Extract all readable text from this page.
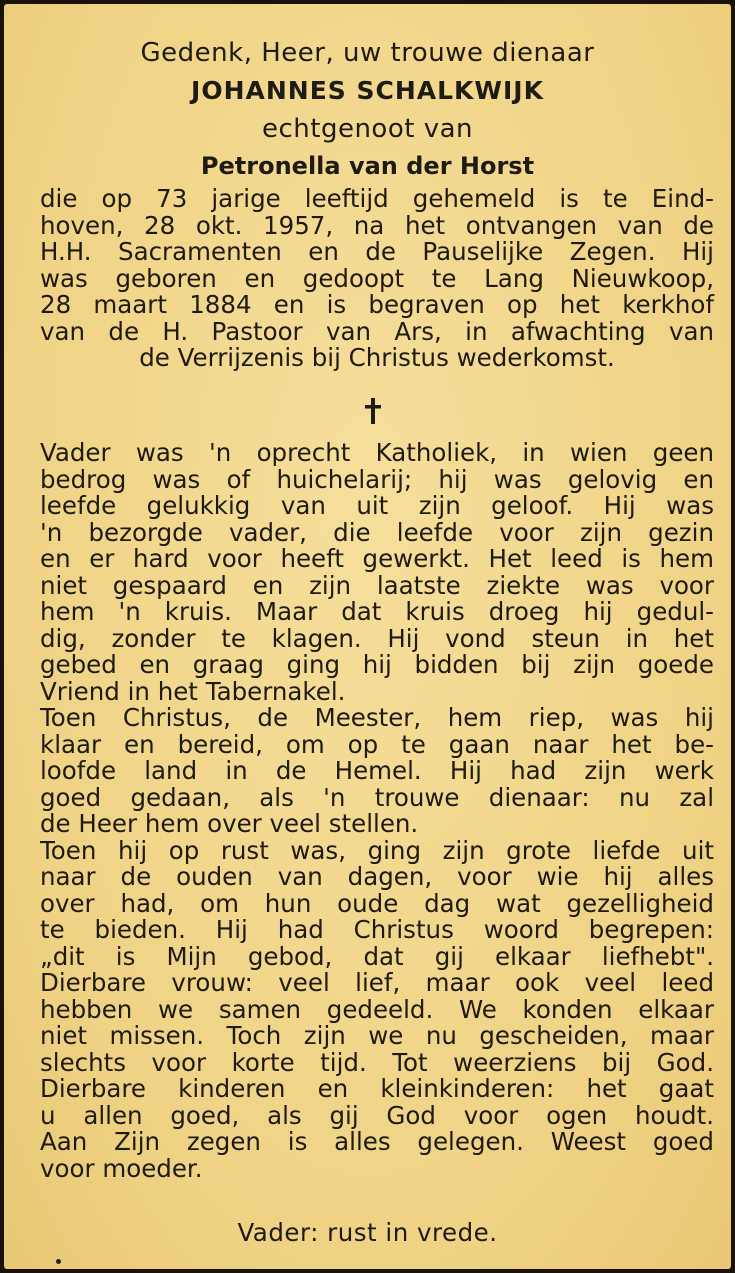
Gedenk, Heer, uw trouwe dienaar
JOHANNES SCHALKWIJK
echtgenoot van
Petronella van der Horst
die op 73 jarige leeftijd gehemeld is te Eind-
hoven, 28 okt. 1957, na het ontvangen van de
H.H. Sacramenten en de Pauselijke Zegen. Hij
was geboren en gedoopt te Lang Nieuwkoop,
28 maart 1884 en is begraven op het kerkhof
van de H. Pastoor van Ars, in afwachting van
de Verrijzenis bij Christus wederkomst.
Vader was 'n oprecht Katholiek, in wien geen
bedrog was of huichelarij; hij was gelovig en
leefde gelukkig van uit zijn geloof. Hij was
'n bezorgde vader, die leefde voor zijn gezin
en er hard voor heeft gewerkt. Het leed is hem
niet gespaard en zijn laatste ziekte was voor
hem 'n kruis. Maar dat kruis droeg hij gedul-
dig, zonder te klagen. Hij vond steun in het
gebed en graag ging hij bidden bij zijn goede
Vriend in het Tabernakel.
Toen Christus, de Meester, hem riep, was hij
klaar en bereid, om op te gaan naar het be-
loofde land in de Hemel. Hij had zijn werk
goed gedaan, als 'n trouwe dienaar: nu zal
de Heer hem over veel stellen.
Toen hij op rust was, ging zijn grote liefde uit
naar de ouden van dagen, voor wie hij alles
over had, om hun oude dag wat gezelligheid
te bieden. Hij had Christus woord begrepen:
„dit is Mijn gebod, dat gij elkaar liefhebt".
Dierbare vrouw: veel lief, maar ook veel leed
hebben we samen gedeeld. We konden elkaar
niet missen. Toch zijn we nu gescheiden, maar
slechts voor korte tijd. Tot weerziens bij God.
Dierbare kinderen en kleinkinderen: het gaat
u allen goed, als gij God voor ogen houdt.
Aan Zijn zegen is alles gelegen. Weest goed
voor moeder.
Vader: rust in vrede.
